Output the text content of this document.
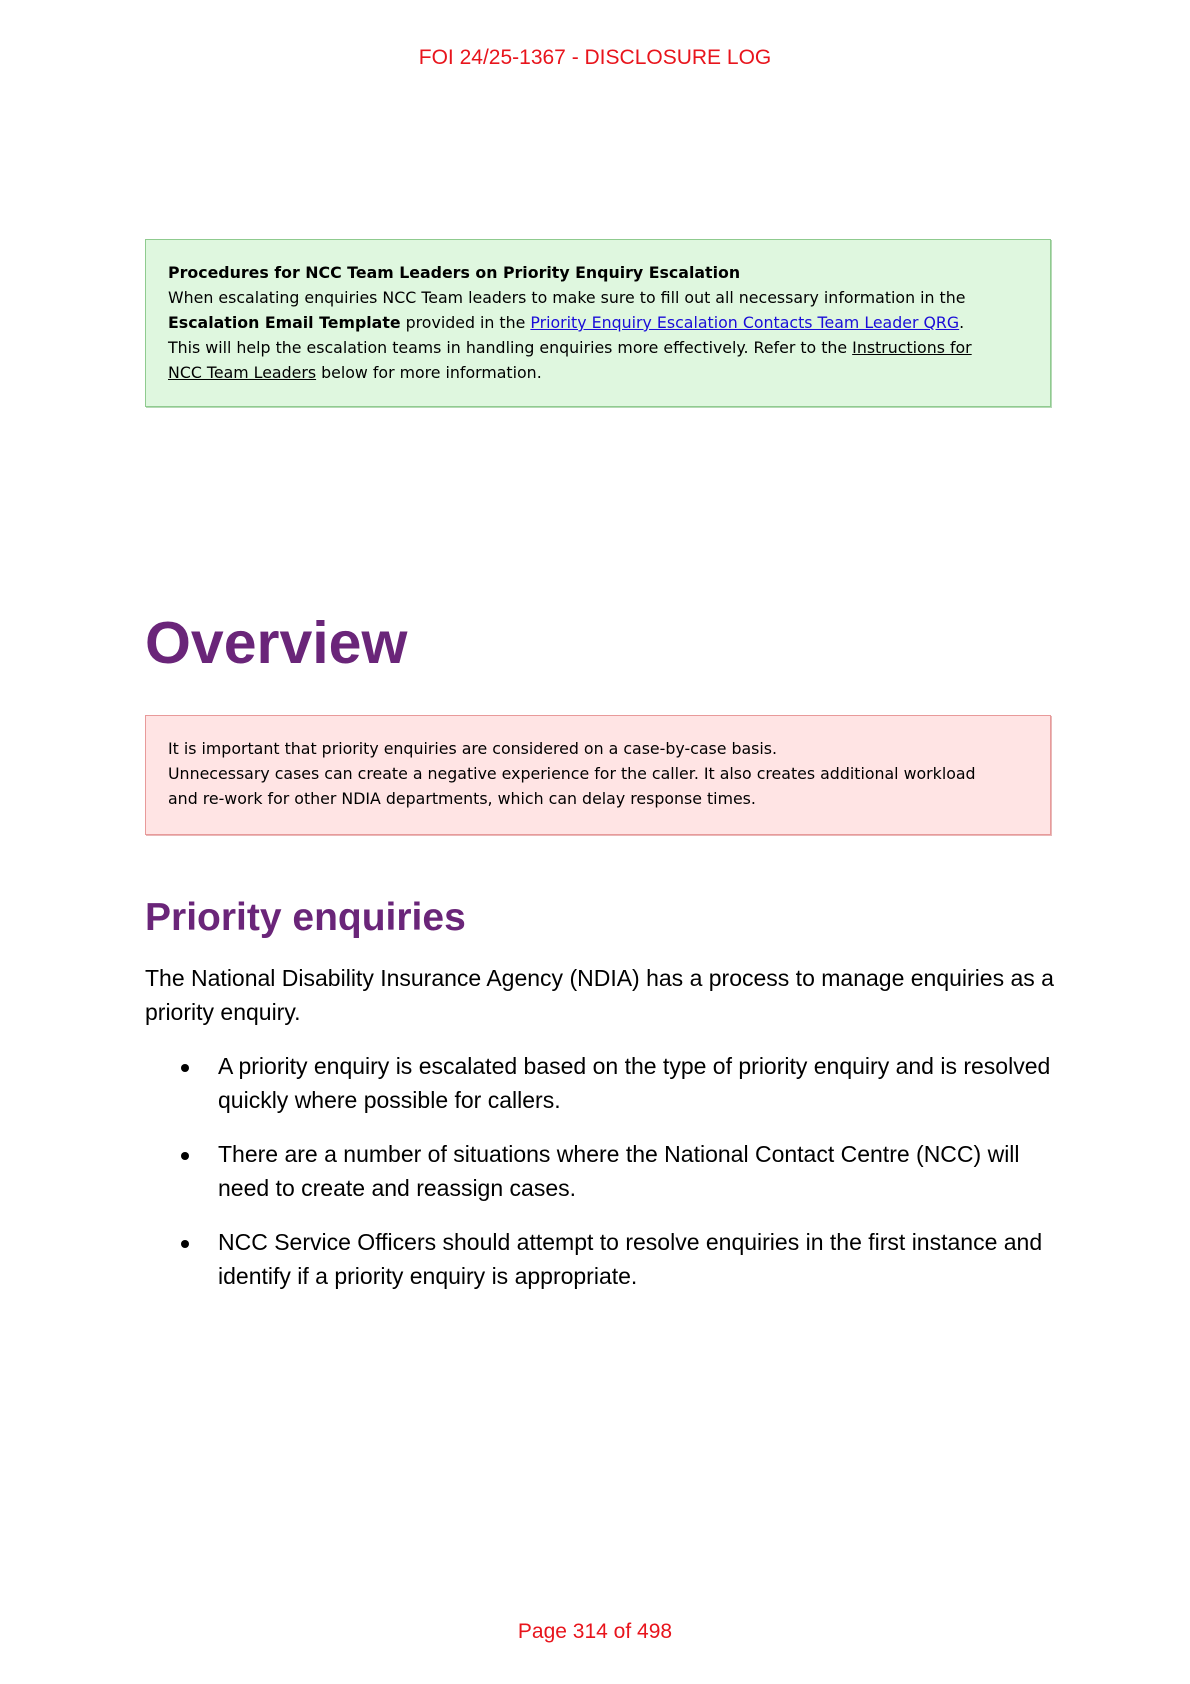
FOI 24/25-1367 - DISCLOSURE LOG

Procedures for NCC Team Leaders on Priority Enquiry Escalation

When escalating enquiries NCC Team leaders to make sure to fill out all necessary information in the
Escalation Email Template provided in the Priority Enquiry Escalation Contacts Team Leader QRG.
This will help the escalation teams in handling enquiries more effectively. Refer to the Instructions for
NCC Team Leaders below for more information.

Overview

It is important that priority enquiries are considered on a case-by-case basis.

Unnecessary cases can create a negative experience for the caller. It also creates additional workload

and re-work for other NDIA departments, which can delay response times.

Priority enquiries

The National Disability Insurance Agency (NDIA) has a process to manage enquiries as a priority enquiry.

A priority enquiry is escalated based on the type of priority enquiry and is resolved quickly where possible for callers.
There are a number of situations where the National Contact Centre (NCC) will need to create and reassign cases.
NCC Service Officers should attempt to resolve enquiries in the first instance and identify if a priority enquiry is appropriate.
Page 314 of 498
